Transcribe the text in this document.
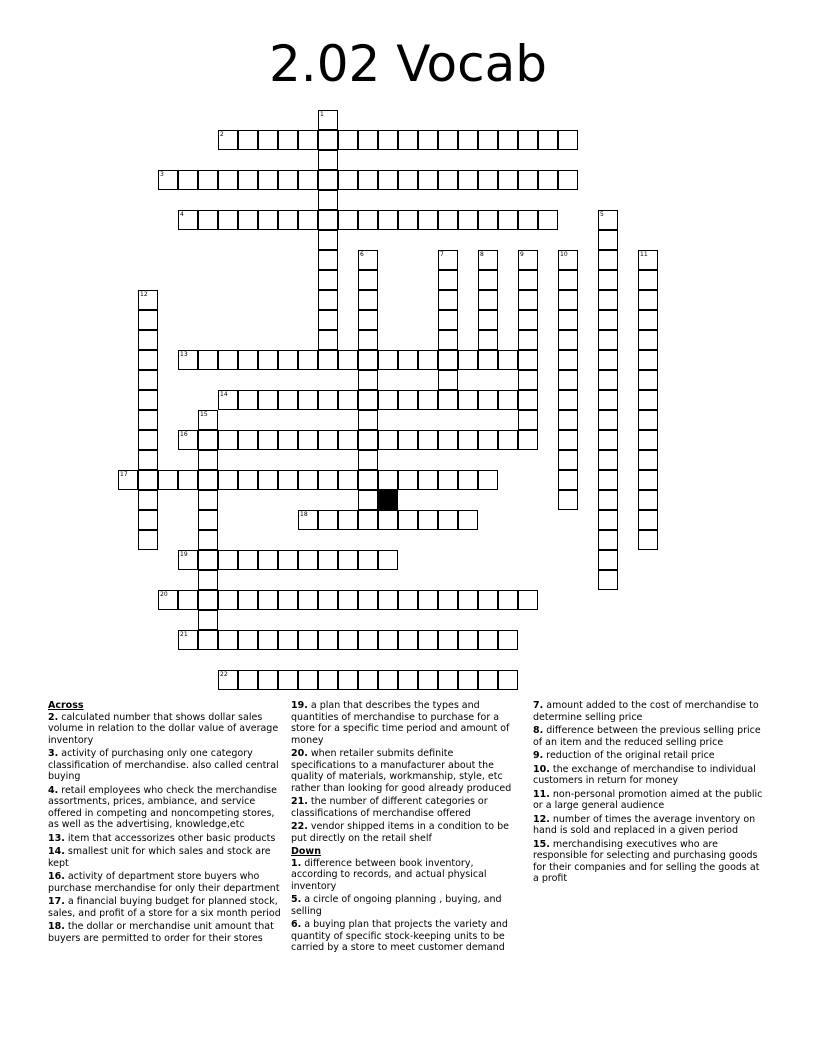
2.02 Vocab
1
2
3
4	5
6	7	8	9	10	11
12
13
14
15
16
17
18
19
20
21
22
Across
2. calculated number that shows dollar sales volume in relation to the dollar value of average inventory
3. activity of purchasing only one category classification of merchandise. also called central buying
4. retail employees who check the merchandise assortments, prices, ambiance, and service offered in competing and noncompeting stores, as well as the advertising, knowledge,etc
13. item that accessorizes other basic products
14. smallest unit for which sales and stock are kept
16. activity of department store buyers who purchase merchandise for only their department
17. a financial buying budget for planned stock, sales, and profit of a store for a six month period
18. the dollar or merchandise unit amount that buyers are permitted to order for their stores
19. a plan that describes the types and quantities of merchandise to purchase for a store for a specific time period and amount of money
20. when retailer submits definite specifications to a manufacturer about the quality of materials, workmanship, style, etc rather than looking for good already produced
21. the number of different categories or classifications of merchandise offered
22. vendor shipped items in a condition to be put directly on the retail shelf
Down
1. difference between book inventory, according to records, and actual physical inventory
5. a circle of ongoing planning , buying, and selling
6. a buying plan that projects the variety and quantity of specific stock-keeping units to be carried by a store to meet customer demand
7. amount added to the cost of merchandise to determine selling price
8. difference between the previous selling price of an item and the reduced selling price
9. reduction of the original retail price
10. the exchange of merchandise to individual customers in return for money
11. non-personal promotion aimed at the public or a large general audience
12. number of times the average inventory on hand is sold and replaced in a given period
15. merchandising executives who are responsible for selecting and purchasing goods for their companies and for selling the goods at a profit
